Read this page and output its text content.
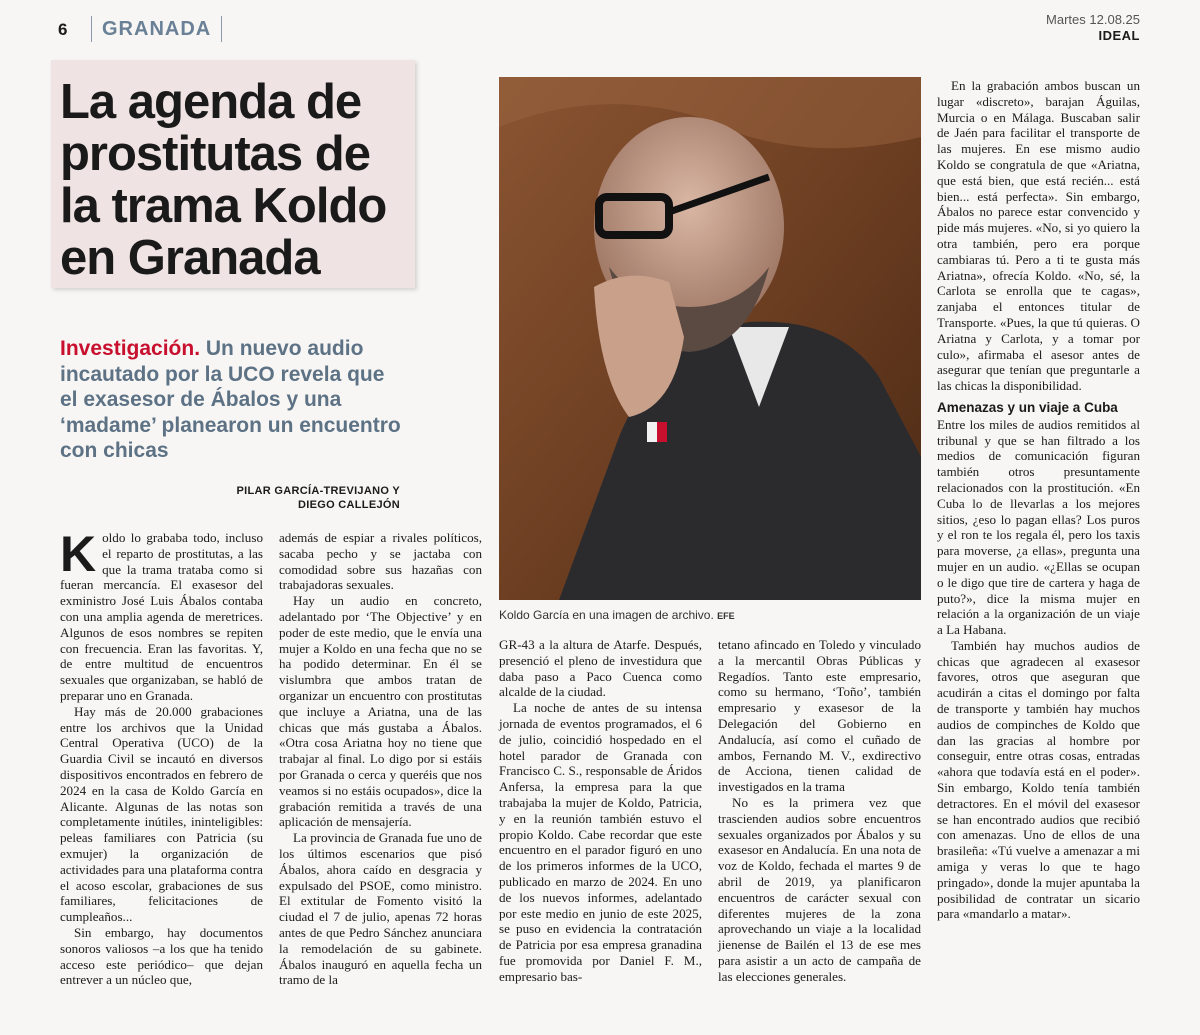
6	GRANADA	Martes 12.08.25
IDEAL
La agenda de prostitutas de la trama Koldo en Granada
Investigación. Un nuevo audio incautado por la UCO revela que el exasesor de Ábalos y una ‘madame’ planearon un encuentro con chicas
PILAR GARCÍA-TREVIJANO Y
DIEGO CALLEJÓN

Koldo lo grababa todo, incluso el reparto de prostitutas, a las que la trama trataba como si fueran mercancía. El exasesor del exministro José Luis Ábalos contaba con una amplia agenda de meretrices. Algunos de esos nombres se repiten con frecuencia. Eran las favoritas. Y, de entre multitud de encuentros sexuales que organizaban, se habló de preparar uno en Granada.

Hay más de 20.000 grabaciones entre los archivos que la Unidad Central Operativa (UCO) de la Guardia Civil se incautó en diversos dispositivos encontrados en febrero de 2024 en la casa de Koldo García en Alicante. Algunas de las notas son completamente inútiles, ininteligibles: peleas familiares con Patricia (su exmujer) la organización de actividades para una plataforma contra el acoso escolar, grabaciones de sus familiares, felicitaciones de cumpleaños...

Sin embargo, hay documentos sonoros valiosos –a los que ha tenido acceso este periódico– que dejan entrever a un núcleo que,

además de espiar a rivales políticos, sacaba pecho y se jactaba con comodidad sobre sus hazañas con trabajadoras sexuales.

Hay un audio en concreto, adelantado por ‘The Objective’ y en poder de este medio, que le envía una mujer a Koldo en una fecha que no se ha podido determinar. En él se vislumbra que ambos tratan de organizar un encuentro con prostitutas que incluye a Ariatna, una de las chicas que más gustaba a Ábalos. «Otra cosa Ariatna hoy no tiene que trabajar al final. Lo digo por si estáis por Granada o cerca y queréis que nos veamos si no estáis ocupados», dice la grabación remitida a través de una aplicación de mensajería.

La provincia de Granada fue uno de los últimos escenarios que pisó Ábalos, ahora caído en desgracia y expulsado del PSOE, como ministro. El extitular de Fomento visitó la ciudad el 7 de julio, apenas 72 horas antes de que Pedro Sánchez anunciara la remodelación de su gabinete. Ábalos inauguró en aquella fecha un tramo de la

Koldo García en una imagen de archivo. EFE

GR-43 a la altura de Atarfe. Después, presenció el pleno de investidura que daba paso a Paco Cuenca como alcalde de la ciudad.

La noche de antes de su intensa jornada de eventos programados, el 6 de julio, coincidió hospedado en el hotel parador de Granada con Francisco C. S., responsable de Áridos Anfersa, la empresa para la que trabajaba la mujer de Koldo, Patricia, y en la reunión también estuvo el propio Koldo. Cabe recordar que este encuentro en el parador figuró en uno de los primeros informes de la UCO, publicado en marzo de 2024. En uno de los nuevos informes, adelantado por este medio en junio de este 2025, se puso en evidencia la contratación de Patricia por esa empresa granadina fue promovida por Daniel F. M., empresario bas-

tetano afincado en Toledo y vinculado a la mercantil Obras Públicas y Regadíos. Tanto este empresario, como su hermano, ‘Toño’, también empresario y exasesor de la Delegación del Gobierno en Andalucía, así como el cuñado de ambos, Fernando M. V., exdirectivo de Acciona, tienen calidad de investigados en la trama

No es la primera vez que trascienden audios sobre encuentros sexuales organizados por Ábalos y su exasesor en Andalucía. En una nota de voz de Koldo, fechada el martes 9 de abril de 2019, ya planificaron encuentros de carácter sexual con diferentes mujeres de la zona aprovechando un viaje a la localidad jienense de Bailén el 13 de ese mes para asistir a un acto de campaña de las elecciones generales.

En la grabación ambos buscan un lugar «discreto», barajan Águilas, Murcia o en Málaga. Buscaban salir de Jaén para facilitar el transporte de las mujeres. En ese mismo audio Koldo se congratula de que «Ariatna, que está bien, que está recién... está bien... está perfecta». Sin embargo, Ábalos no parece estar convencido y pide más mujeres. «No, si yo quiero la otra también, pero era porque cambiaras tú. Pero a ti te gusta más Ariatna», ofrecía Koldo. «No, sé, la Carlota se enrolla que te cagas», zanjaba el entonces titular de Transporte. «Pues, la que tú quieras. O Ariatna y Carlota, y a tomar por culo», afirmaba el asesor antes de asegurar que tenían que preguntarle a las chicas la disponibilidad.

Amenazas y un viaje a Cuba

Entre los miles de audios remitidos al tribunal y que se han filtrado a los medios de comunicación figuran también otros presuntamente relacionados con la prostitución. «En Cuba lo de llevarlas a los mejores sitios, ¿eso lo pagan ellas? Los puros y el ron te los regala él, pero los taxis para moverse, ¿a ellas», pregunta una mujer en un audio. «¿Ellas se ocupan o le digo que tire de cartera y haga de puto?», dice la misma mujer en relación a la organización de un viaje a La Habana.

También hay muchos audios de chicas que agradecen al exasesor favores, otros que aseguran que acudirán a citas el domingo por falta de transporte y también hay muchos audios de compinches de Koldo que dan las gracias al hombre por conseguir, entre otras cosas, entradas «ahora que todavía está en el poder». Sin embargo, Koldo tenía también detractores. En el móvil del exasesor se han encontrado audios que recibió con amenazas. Uno de ellos de una brasileña: «Tú vuelve a amenazar a mi amiga y veras lo que te hago pringado», donde la mujer apuntaba la posibilidad de contratar un sicario para «mandarlo a matar».
